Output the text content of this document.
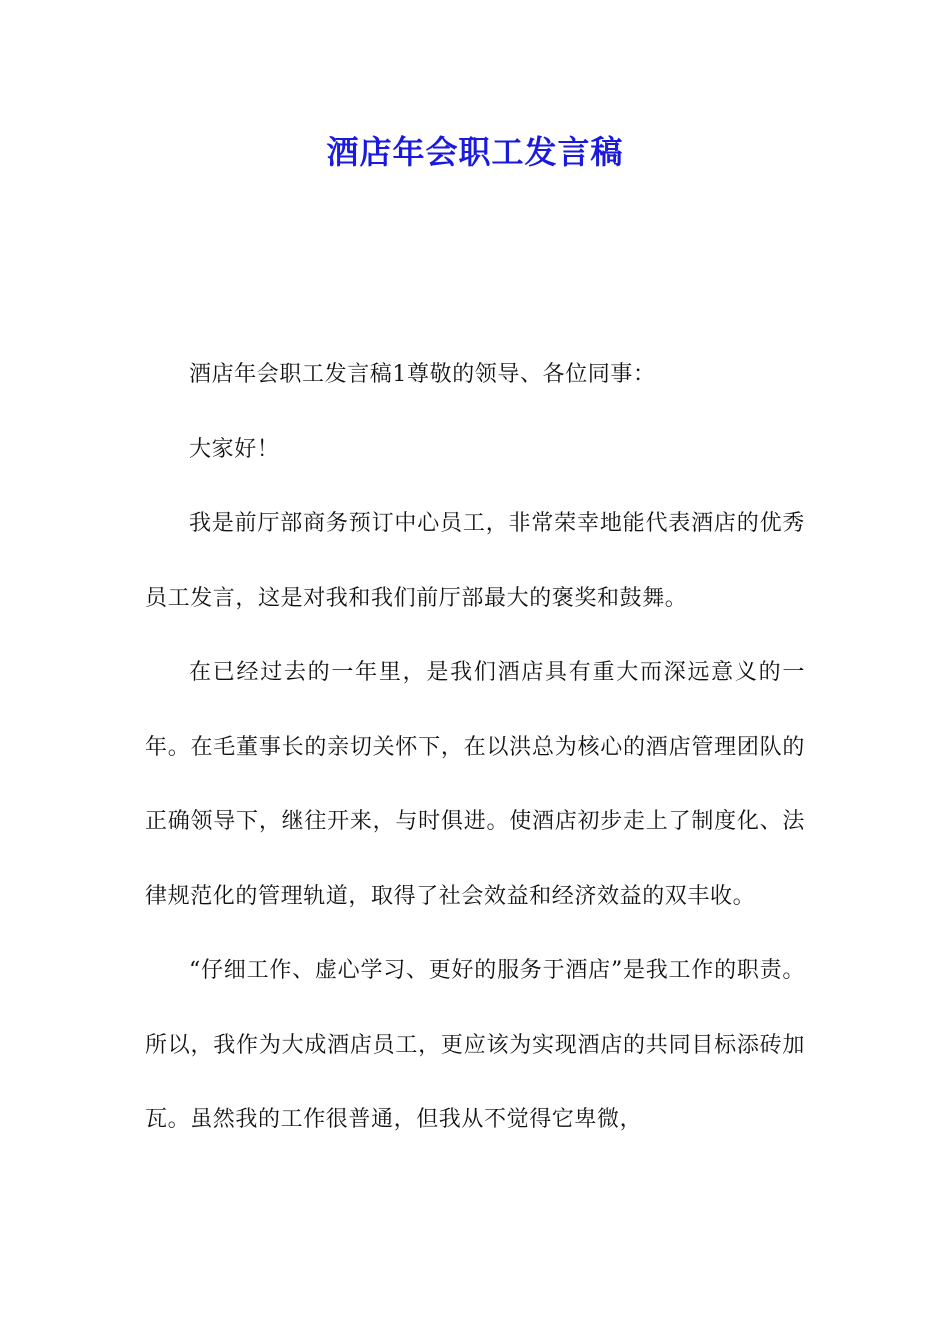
酒店年会职工发言稿

酒店年会职工发言稿1尊敬的领导、各位同事：

大家好！

我是前厅部商务预订中心员工，非常荣幸地能代表酒店的优秀员工发言，这是对我和我们前厅部最大的褒奖和鼓舞。

在已经过去的一年里，是我们酒店具有重大而深远意义的一年。在毛董事长的亲切关怀下，在以洪总为核心的酒店管理团队的正确领导下，继往开来，与时俱进。使酒店初步走上了制度化、法律规范化的管理轨道，取得了社会效益和经济效益的双丰收。

“仔细工作、虚心学习、更好的服务于酒店”是我工作的职责。所以，我作为大成酒店员工，更应该为实现酒店的共同目标添砖加瓦。虽然我的工作很普通，但我从不觉得它卑微，
